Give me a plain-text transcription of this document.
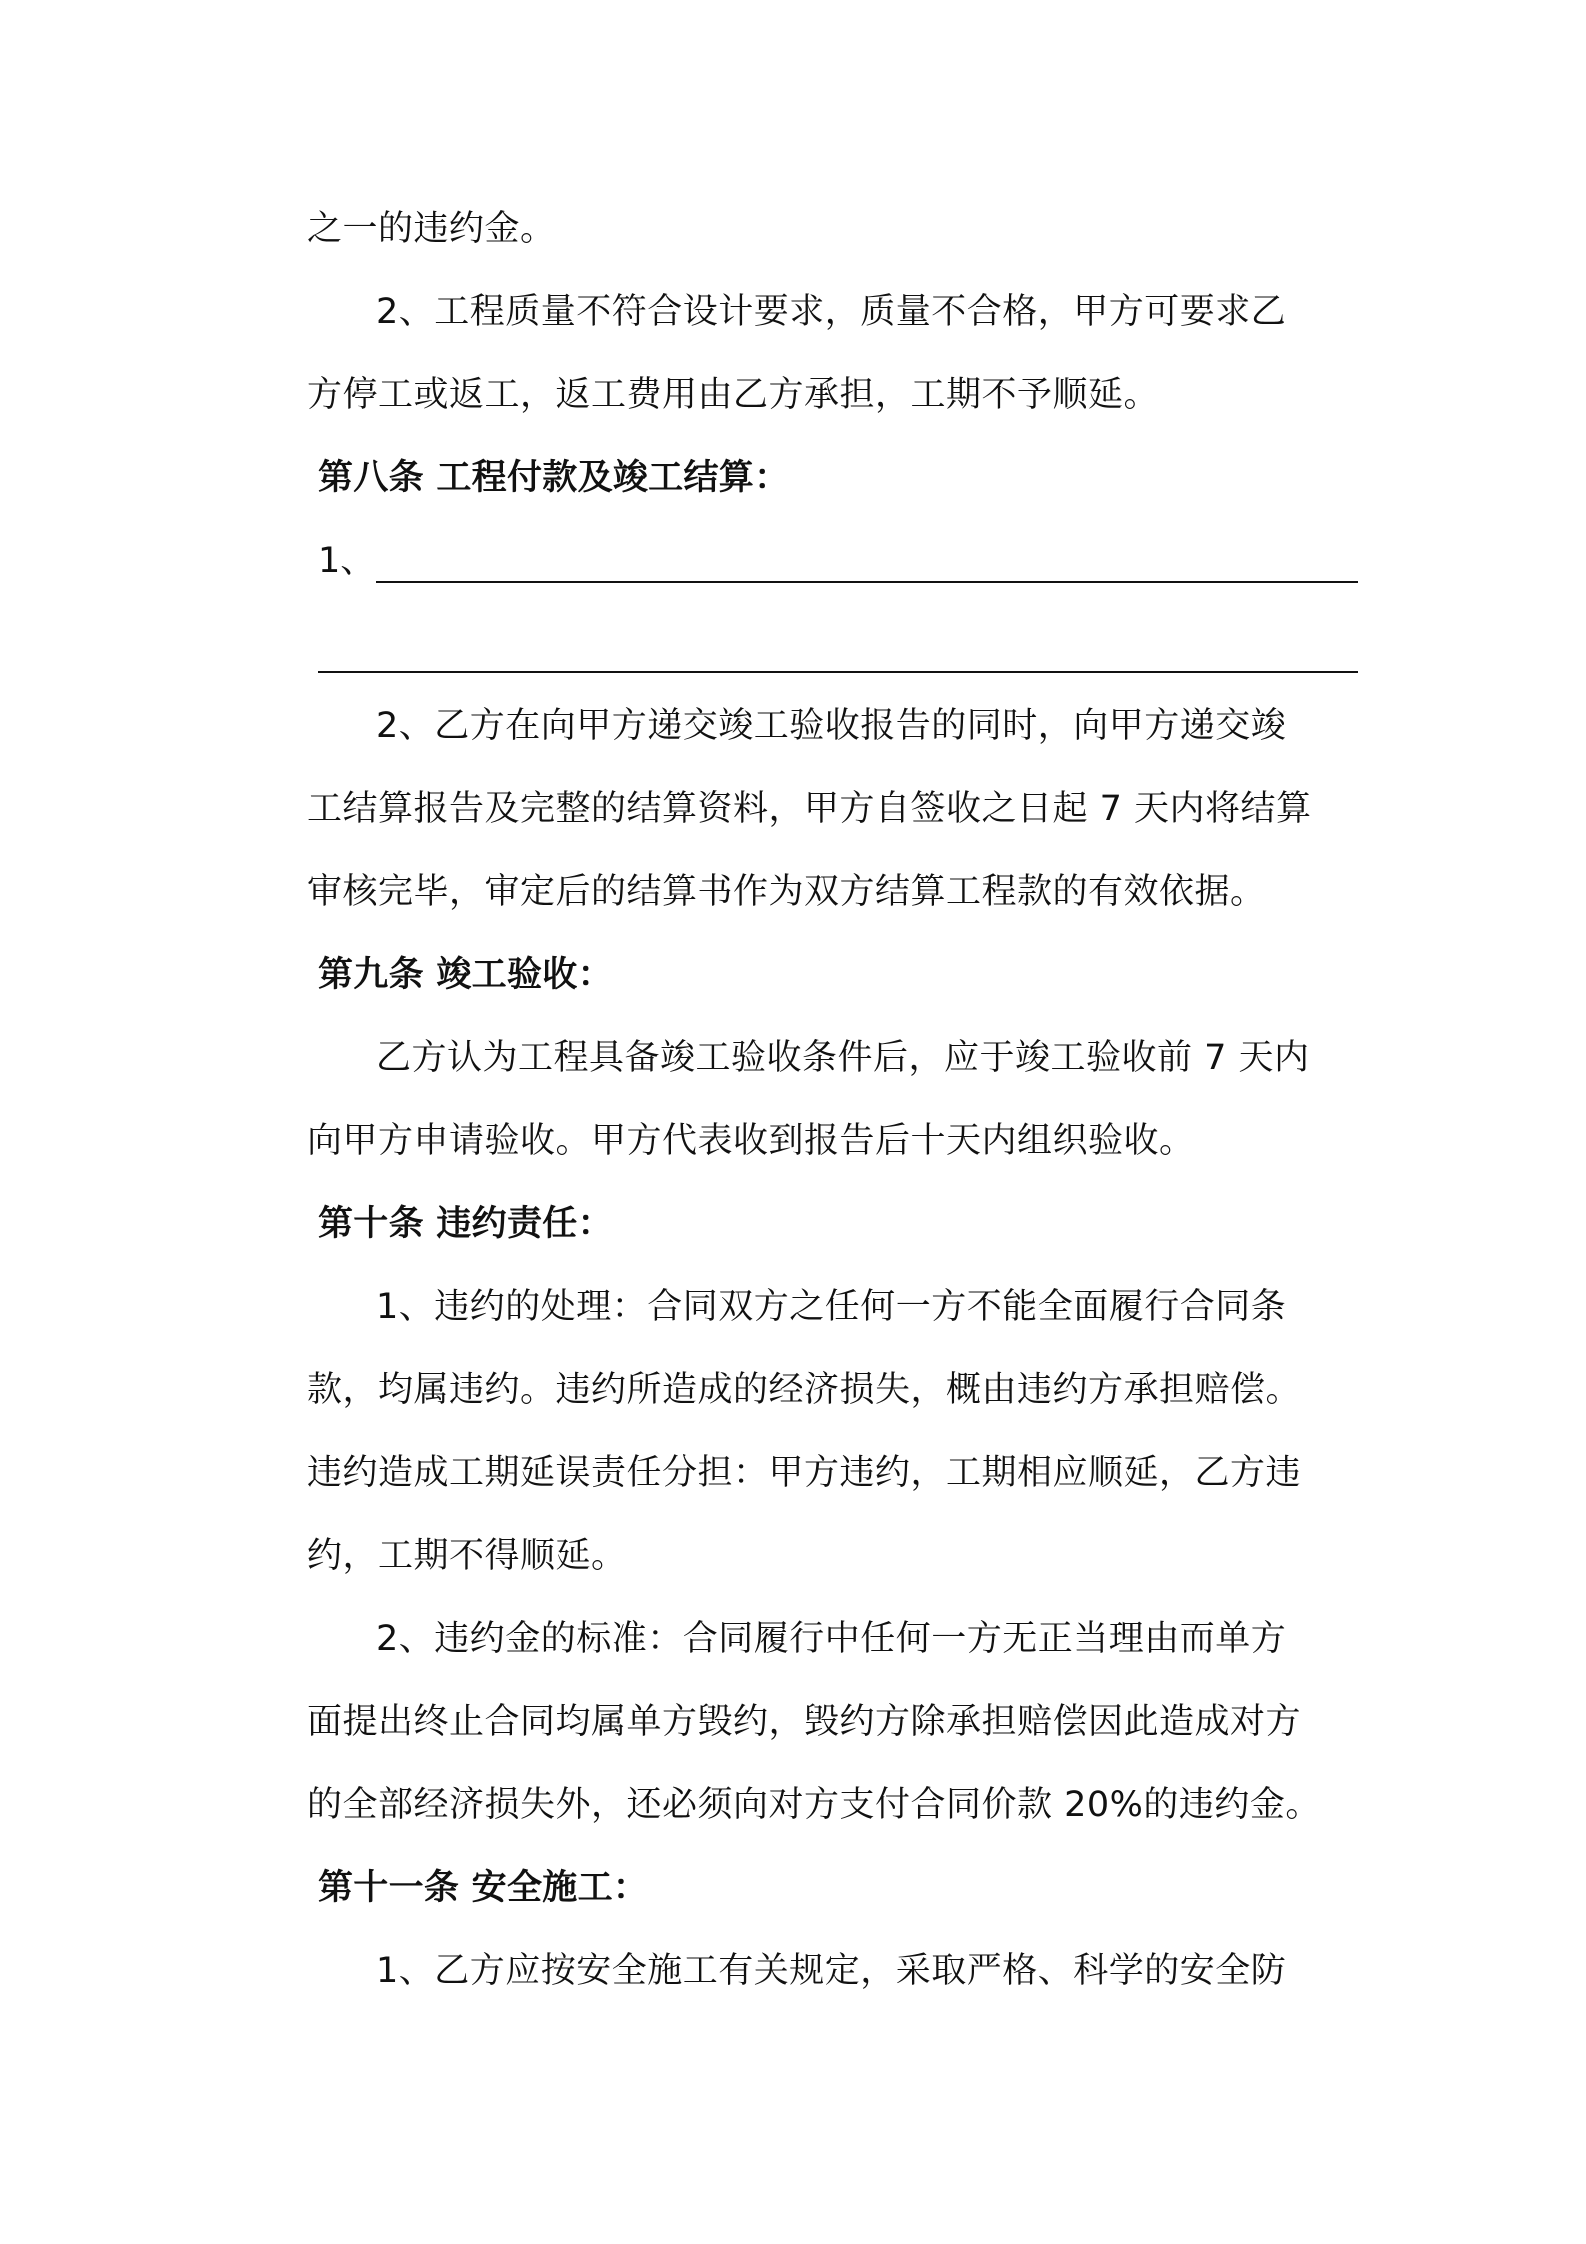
之一的违约金。
2、工程质量不符合设计要求，质量不合格，甲方可要求乙
方停工或返工，返工费用由乙方承担，工期不予顺延。
第八条 工程付款及竣工结算：
1、
2、乙方在向甲方递交竣工验收报告的同时，向甲方递交竣
工结算报告及完整的结算资料，甲方自签收之日起 7 天内将结算
审核完毕，审定后的结算书作为双方结算工程款的有效依据。
第九条 竣工验收：
乙方认为工程具备竣工验收条件后，应于竣工验收前 7 天内
向甲方申请验收。甲方代表收到报告后十天内组织验收。
第十条 违约责任：
1、违约的处理：合同双方之任何一方不能全面履行合同条
款，均属违约。违约所造成的经济损失，概由违约方承担赔偿。
违约造成工期延误责任分担：甲方违约，工期相应顺延，乙方违
约，工期不得顺延。
2、违约金的标准：合同履行中任何一方无正当理由而单方
面提出终止合同均属单方毁约，毁约方除承担赔偿因此造成对方
的全部经济损失外，还必须向对方支付合同价款 20%的违约金。
第十一条 安全施工：
1、乙方应按安全施工有关规定，采取严格、科学的安全防
